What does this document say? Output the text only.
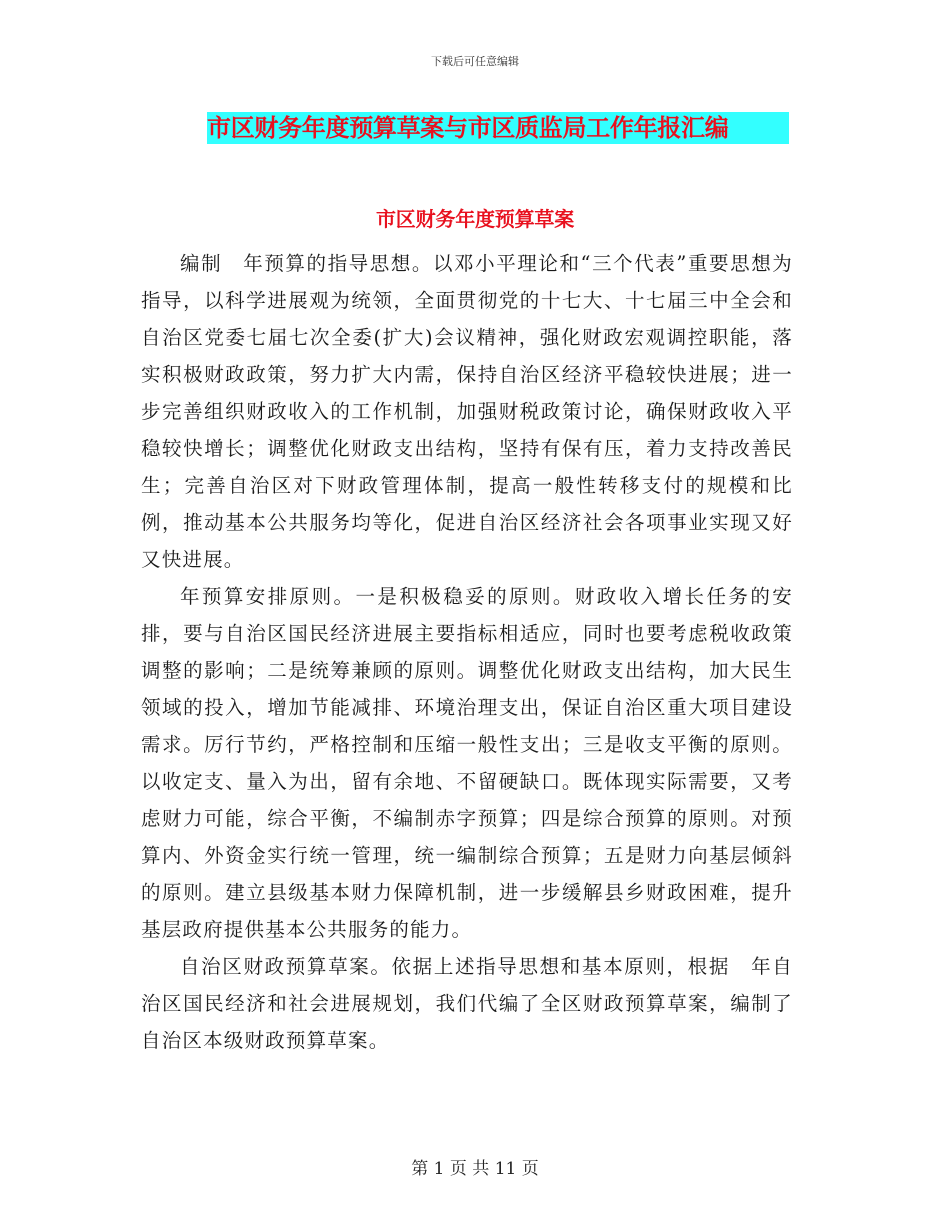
下载后可任意编辑
市区财务年度预算草案与市区质监局工作年报汇编
市区财务年度预算草案

编制　年预算的指导思想。以邓小平理论和“三个代表”重要思想为指导，以科学进展观为统领，全面贯彻党的十七大、十七届三中全会和自治区党委七届七次全委(扩大)会议精神，强化财政宏观调控职能，落实积极财政政策，努力扩大内需，保持自治区经济平稳较快进展；进一步完善组织财政收入的工作机制，加强财税政策讨论，确保财政收入平稳较快增长；调整优化财政支出结构，坚持有保有压，着力支持改善民生；完善自治区对下财政管理体制，提高一般性转移支付的规模和比例，推动基本公共服务均等化，促进自治区经济社会各项事业实现又好又快进展。

年预算安排原则。一是积极稳妥的原则。财政收入增长任务的安排，要与自治区国民经济进展主要指标相适应，同时也要考虑税收政策调整的影响；二是统筹兼顾的原则。调整优化财政支出结构，加大民生领域的投入，增加节能减排、环境治理支出，保证自治区重大项目建设需求。厉行节约，严格控制和压缩一般性支出；三是收支平衡的原则。以收定支、量入为出，留有余地、不留硬缺口。既体现实际需要，又考虑财力可能，综合平衡，不编制赤字预算；四是综合预算的原则。对预算内、外资金实行统一管理，统一编制综合预算；五是财力向基层倾斜的原则。建立县级基本财力保障机制，进一步缓解县乡财政困难，提升基层政府提供基本公共服务的能力。

自治区财政预算草案。依据上述指导思想和基本原则，根据　年自治区国民经济和社会进展规划，我们代编了全区财政预算草案，编制了自治区本级财政预算草案。

第 1 页 共 11 页
